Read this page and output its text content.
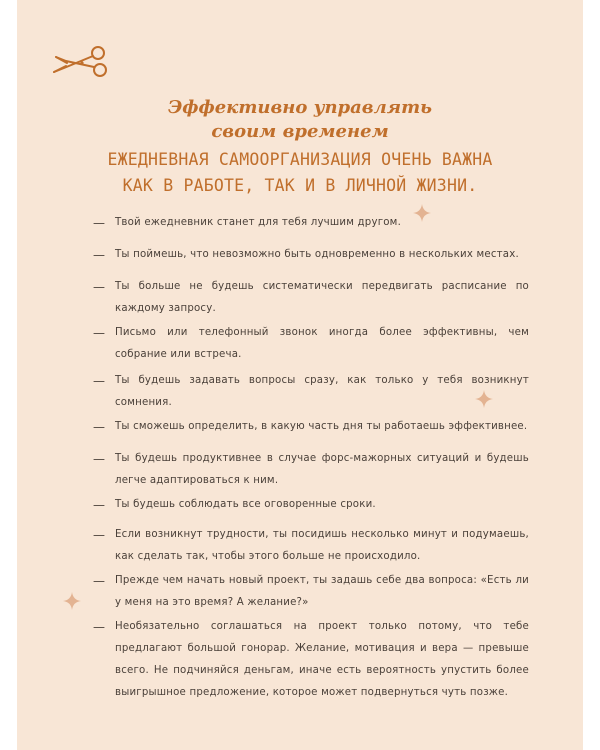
Эффективно управлять
своим временем
ЕЖЕДНЕВНАЯ САМООРГАНИЗАЦИЯ ОЧЕНЬ ВАЖНА
КАК В РАБОТЕ, ТАК И В ЛИЧНОЙ ЖИЗНИ.
— Твой ежедневник станет для тебя лучшим другом.
— Ты поймешь, что невозможно быть одновременно в нескольких местах.
— Ты больше не будешь систематически передвигать расписание по каждому запросу.
— Письмо или телефонный звонок иногда более эффективны, чем собрание или встреча.
— Ты будешь задавать вопросы сразу, как только у тебя возникнут сомнения.
— Ты сможешь определить, в какую часть дня ты работаешь эффективнее.
— Ты будешь продуктивнее в случае форс-мажорных ситуаций и будешь легче адаптироваться к ним.
— Ты будешь соблюдать все оговоренные сроки.
— Если возникнут трудности, ты посидишь несколько минут и подумаешь, как сделать так, чтобы этого больше не происходило.
— Прежде чем начать новый проект, ты задашь себе два вопроса: «Есть ли у меня на это время? А желание?»
— Необязательно соглашаться на проект только потому, что тебе предлагают большой гонорар. Желание, мотивация и вера — превыше всего. Не подчиняйся деньгам, иначе есть вероятность упустить более выигрышное предложение, которое может подвернуться чуть позже.
